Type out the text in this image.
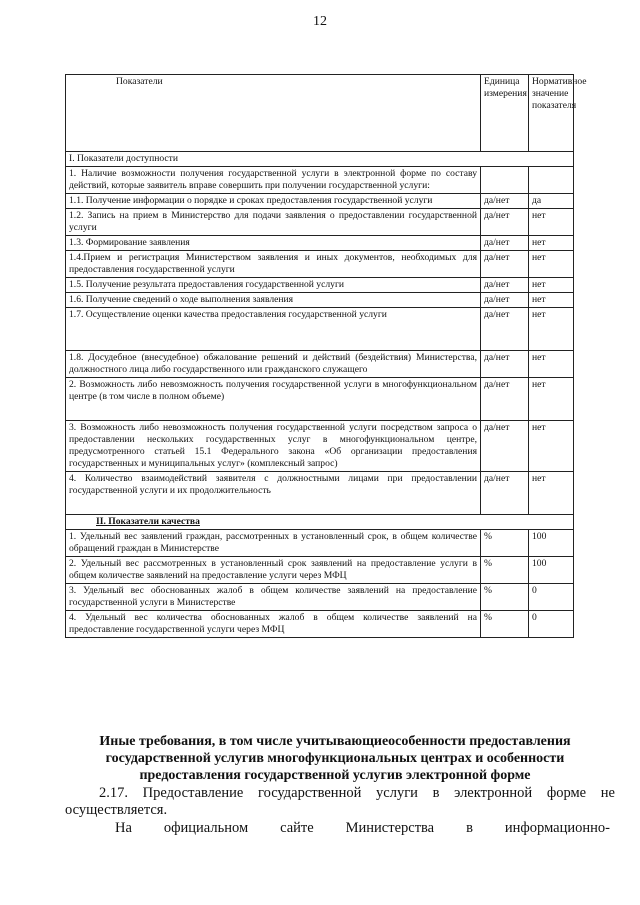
12
Показатели	Единица измерения	Нормативное значение показателя
I. Показатели доступности		
1. Наличие возможности получения государственной услуги в электронной форме по составу действий, которые заявитель вправе совершить при получении государственной услуги:		
1.1. Получение информации о порядке и сроках предоставления государственной услуги	да/нет	да
1.2. Запись на прием в Министерство для подачи заявления о предоставлении государственной услуги	да/нет	нет
1.3. Формирование заявления	да/нет	нет
1.4.Прием и регистрация Министерством заявления и иных документов, необходимых для предоставления государственной услуги	да/нет	нет
1.5. Получение результата предоставления государственной услуги	да/нет	нет
1.6. Получение сведений о ходе выполнения заявления	да/нет	нет
1.7. Осуществление оценки качества предоставления государственной услуги	да/нет	нет
1.8. Досудебное (внесудебное) обжалование решений и действий (бездействия) Министерства, должностного лица либо государственного или гражданского служащего	да/нет	нет
2. Возможность либо невозможность получения государственной услуги в многофункциональном центре (в том числе в полном объеме)	да/нет	нет
3. Возможность либо невозможность получения государственной услуги посредством запроса о предоставлении нескольких государственных услуг в многофункциональном центре, предусмотренного статьей 15.1 Федерального закона «Об организации предоставления государственных и муниципальных услуг» (комплексный запрос)	да/нет	нет
4. Количество взаимодействий заявителя с должностными лицами при предоставлении государственной услуги и их продолжительность	да/нет	нет
II. Показатели качества		
1. Удельный вес заявлений граждан, рассмотренных в установленный срок, в общем количестве обращений граждан в Министерстве	%	100
2. Удельный вес рассмотренных в установленный срок заявлений на предоставление услуги в общем количестве заявлений на предоставление услуги через МФЦ	%	100
3. Удельный вес обоснованных жалоб в общем количестве заявлений на предоставление государственной услуги в Министерстве	%	0
4. Удельный вес количества обоснованных жалоб в общем количестве заявлений на предоставление государственной услуги через МФЦ	%	0
Иные требования, в том числе учитывающиеособенности предоставления государственной услугив многофункциональных центрах и особенности предоставления государственной услугив электронной форме
2.17. Предоставление государственной услуги в электронной форме не осуществляется.
На официальном сайте Министерства в информационно-
